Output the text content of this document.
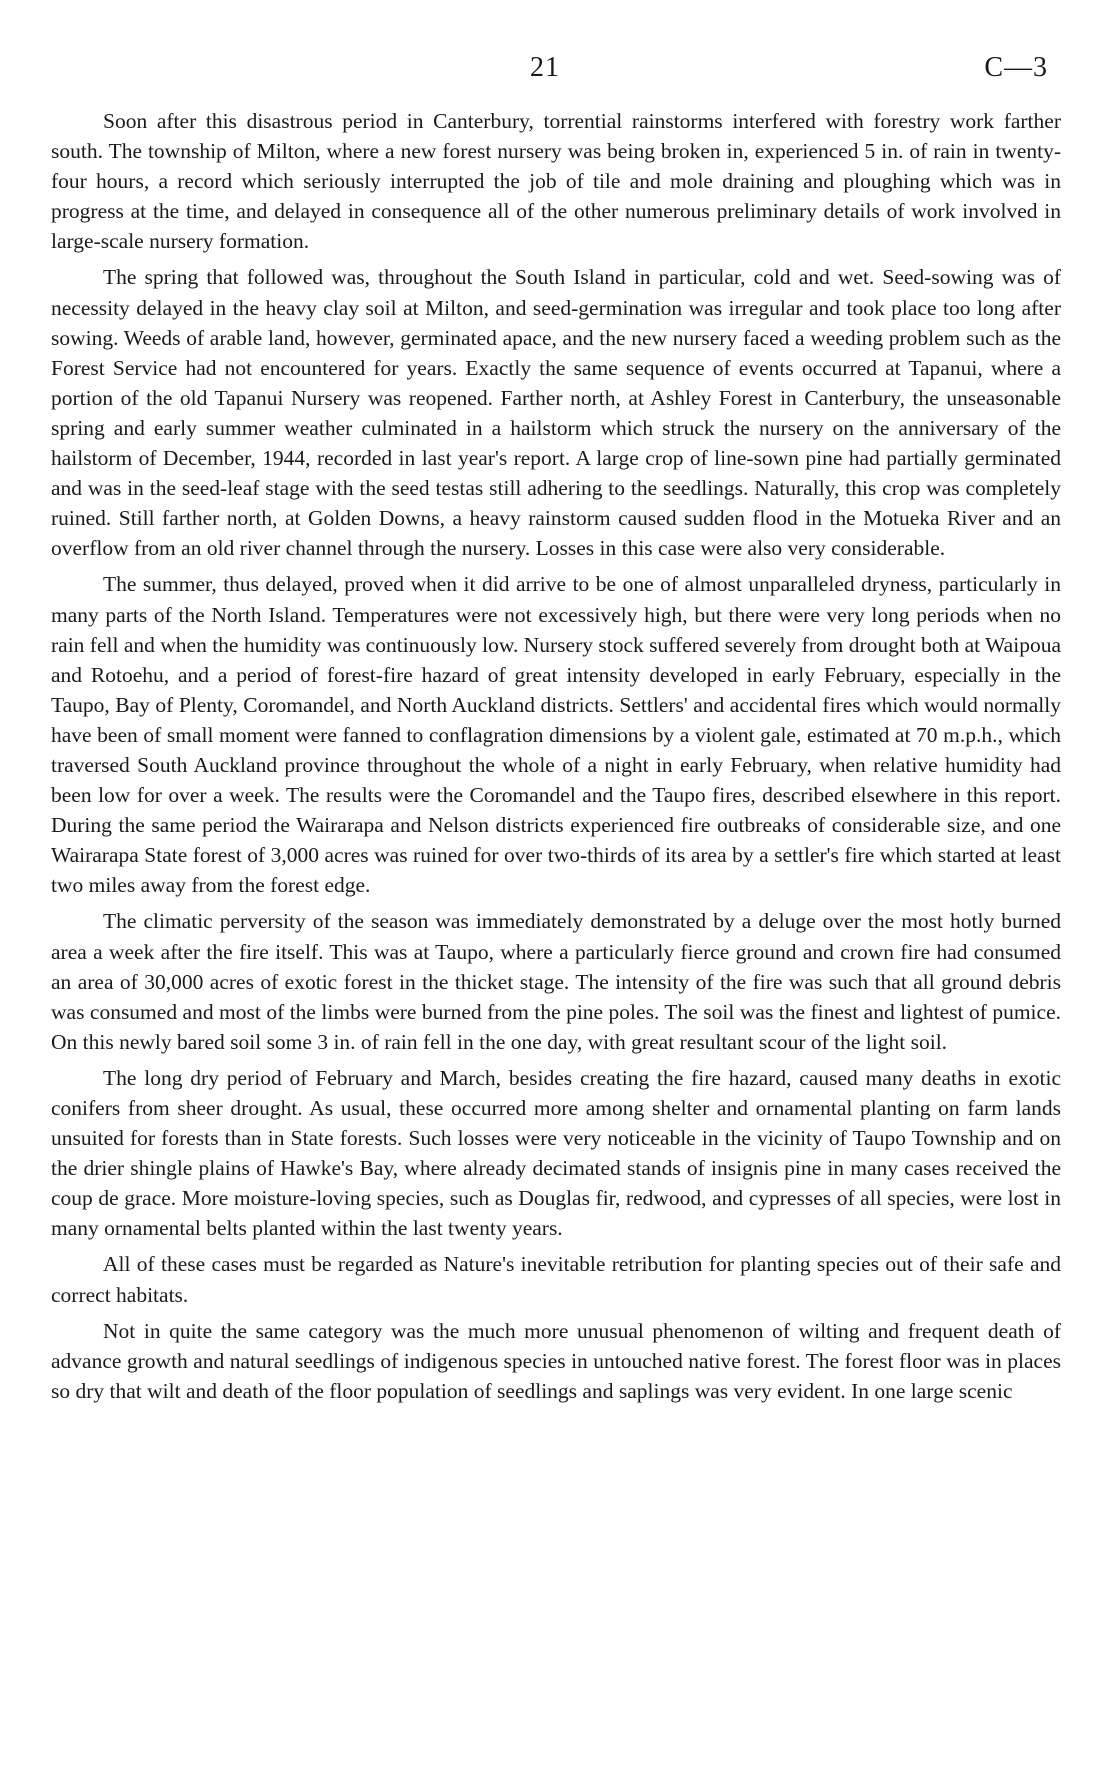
21	C—3

Soon after this disastrous period in Canterbury, torrential rainstorms interfered with forestry work farther south. The township of Milton, where a new forest nursery was being broken in, experienced 5 in. of rain in twenty-four hours, a record which seriously interrupted the job of tile and mole draining and ploughing which was in progress at the time, and delayed in consequence all of the other numerous preliminary details of work involved in large-scale nursery formation.

The spring that followed was, throughout the South Island in particular, cold and wet. Seed-sowing was of necessity delayed in the heavy clay soil at Milton, and seed-germination was irregular and took place too long after sowing. Weeds of arable land, however, germinated apace, and the new nursery faced a weeding problem such as the Forest Service had not encountered for years. Exactly the same sequence of events occurred at Tapanui, where a portion of the old Tapanui Nursery was reopened. Farther north, at Ashley Forest in Canterbury, the unseasonable spring and early summer weather culminated in a hailstorm which struck the nursery on the anniversary of the hailstorm of December, 1944, recorded in last year's report. A large crop of line-sown pine had partially germinated and was in the seed-leaf stage with the seed testas still adhering to the seedlings. Naturally, this crop was completely ruined. Still farther north, at Golden Downs, a heavy rainstorm caused sudden flood in the Motueka River and an overflow from an old river channel through the nursery. Losses in this case were also very considerable.

The summer, thus delayed, proved when it did arrive to be one of almost unparalleled dryness, particularly in many parts of the North Island. Temperatures were not excessively high, but there were very long periods when no rain fell and when the humidity was continuously low. Nursery stock suffered severely from drought both at Waipoua and Rotoehu, and a period of forest-fire hazard of great intensity developed in early February, especially in the Taupo, Bay of Plenty, Coromandel, and North Auckland districts. Settlers' and accidental fires which would normally have been of small moment were fanned to conflagration dimensions by a violent gale, estimated at 70 m.p.h., which traversed South Auckland province throughout the whole of a night in early February, when relative humidity had been low for over a week. The results were the Coromandel and the Taupo fires, described elsewhere in this report. During the same period the Wairarapa and Nelson districts experienced fire outbreaks of considerable size, and one Wairarapa State forest of 3,000 acres was ruined for over two-thirds of its area by a settler's fire which started at least two miles away from the forest edge.

The climatic perversity of the season was immediately demonstrated by a deluge over the most hotly burned area a week after the fire itself. This was at Taupo, where a particularly fierce ground and crown fire had consumed an area of 30,000 acres of exotic forest in the thicket stage. The intensity of the fire was such that all ground debris was consumed and most of the limbs were burned from the pine poles. The soil was the finest and lightest of pumice. On this newly bared soil some 3 in. of rain fell in the one day, with great resultant scour of the light soil.

The long dry period of February and March, besides creating the fire hazard, caused many deaths in exotic conifers from sheer drought. As usual, these occurred more among shelter and ornamental planting on farm lands unsuited for forests than in State forests. Such losses were very noticeable in the vicinity of Taupo Township and on the drier shingle plains of Hawke's Bay, where already decimated stands of insignis pine in many cases received the coup de grace. More moisture-loving species, such as Douglas fir, redwood, and cypresses of all species, were lost in many ornamental belts planted within the last twenty years.

All of these cases must be regarded as Nature's inevitable retribution for planting species out of their safe and correct habitats.

Not in quite the same category was the much more unusual phenomenon of wilting and frequent death of advance growth and natural seedlings of indigenous species in untouched native forest. The forest floor was in places so dry that wilt and death of the floor population of seedlings and saplings was very evident. In one large scenic
